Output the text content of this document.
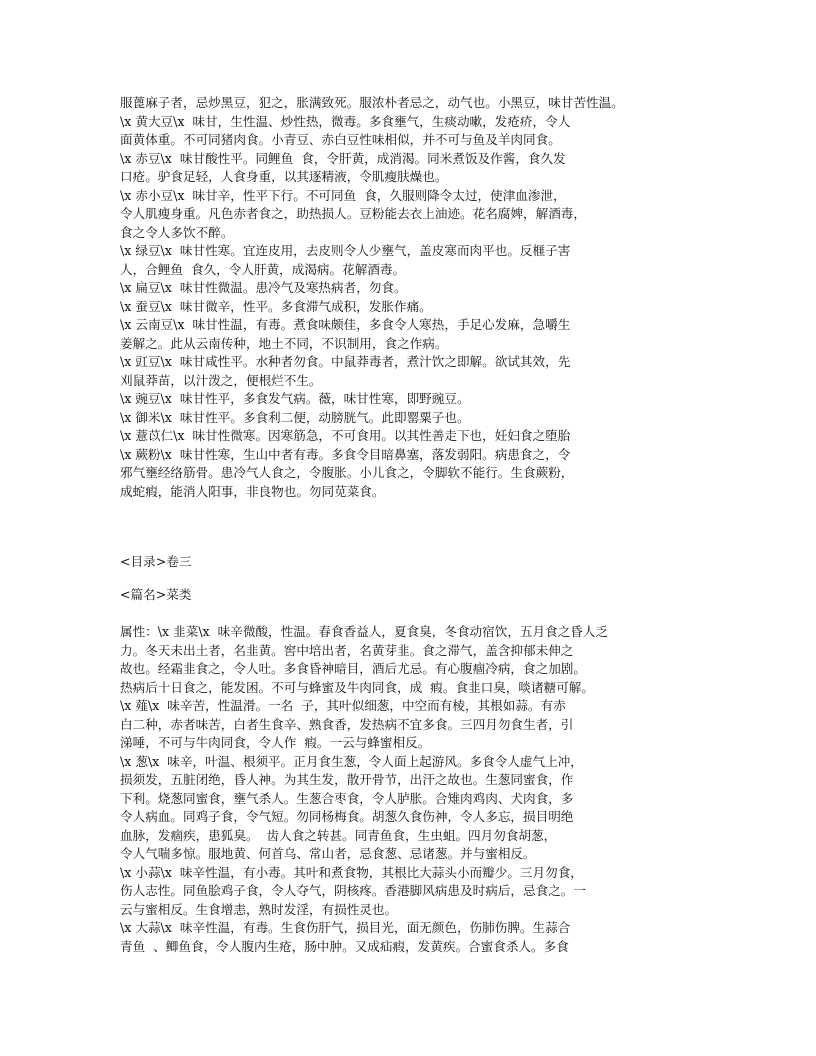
服蓖麻子者，忌炒黑豆，犯之，胀满致死。服浓朴者忌之，动气也。小黑豆，味甘苦性温。
\x 黄大豆\x  味甘，生性温、炒性热，微毒。多食壅气，生痰动嗽，发疮疥，令人
面黄体重。不可同猪肉食。小青豆、赤白豆性味相似，并不可与鱼及羊肉同食。
\x 赤豆\x  味甘酸性平。同鲤鱼  食，令肝黄，成消渴。同米煮饭及作酱，食久发
口疮。驴食足轻，人食身重，以其逐精液，令肌瘦肤燥也。
\x 赤小豆\x  味甘辛，性平下行。不可同鱼  食，久服则降令太过，使津血渗泄，
令人肌瘦身重。凡色赤者食之，助热损人。豆粉能去衣上油迹。花名腐婢，解酒毒，
食之令人多饮不醉。
\x 绿豆\x  味甘性寒。宜连皮用，去皮则令人少壅气，盖皮寒而肉平也。反榧子害
人，合鲤鱼  食久，令人肝黄，成渴病。花解酒毒。
\x 扁豆\x  味甘性微温。患冷气及寒热病者，勿食。
\x 蚕豆\x  味甘微辛，性平。多食滞气成积，发胀作痛。
\x 云南豆\x  味甘性温，有毒。煮食味颇佳，多食令人寒热，手足心发麻，急嚼生
姜解之。此从云南传种，地土不同，不识制用，食之作病。
\x 豇豆\x  味甘咸性平。水种者勿食。中鼠莽毒者，煮汁饮之即解。欲试其效，先
刈鼠莽苗，以汁泼之，便根烂不生。
\x 豌豆\x  味甘性平，多食发气病。薇，味甘性寒，即野豌豆。
\x 御米\x  味甘性平。多食利二便，动膀胱气。此即罂粟子也。
\x 薏苡仁\x  味甘性微寒。因寒筋急，不可食用。以其性善走下也，妊妇食之堕胎
\x 蕨粉\x  味甘性寒，生山中者有毒。多食令目暗鼻塞，落发弱阳。病患食之，令
邪气壅经络筋骨。患冷气人食之，令腹胀。小儿食之，令脚软不能行。生食蕨粉，
成蛇瘕，能消人阳事，非良物也。勿同苋菜食。
<目录>卷三
<篇名>菜类
属性：\x 韭菜\x  味辛微酸，性温。春食香益人，夏食臭，冬食动宿饮，五月食之昏人乏
力。冬天未出土者，名韭黄。窖中培出者，名黄芽韭。食之滞气，盖含抑郁未伸之
故也。经霜韭食之，令人吐。多食昏神暗目，酒后尤忌。有心腹痼冷病，食之加剧。
热病后十日食之，能发困。不可与蜂蜜及牛肉同食，成  瘕。食韭口臭，啖诸糖可解。
\x 薤\x  味辛苦，性温滑。一名  子，其叶似细葱，中空而有棱，其根如蒜。有赤
白二种，赤者味苦，白者生食辛、熟食香，发热病不宜多食。三四月勿食生者，引
涕唾，不可与牛肉同食，令人作  瘕。一云与蜂蜜相反。
\x 葱\x  味辛，叶温、根须平。正月食生葱，令人面上起游风。多食令人虚气上冲，
损须发，五脏闭绝，昏人神。为其生发，散开骨节，出汗之故也。生葱同蜜食，作
下利。烧葱同蜜食，壅气杀人。生葱合枣食，令人胪胀。合雉肉鸡肉、犬肉食，多
令人病血。同鸡子食，令气短。勿同杨梅食。胡葱久食伤神，令人多忘，损目明绝
血脉，发痼疾，患狐臭。  齿人食之转甚。同青鱼食，生虫蛆。四月勿食胡葱，
令人气喘多惊。服地黄、何首乌、常山者，忌食葱、忌诸葱。并与蜜相反。
\x 小蒜\x  味辛性温，有小毒。其叶和煮食物，其根比大蒜头小而瓣少。三月勿食，
伤人志性。同鱼脍鸡子食，令人夺气，阴核疼。香港脚风病患及时病后，忌食之。一
云与蜜相反。生食增恚，熟时发淫，有损性灵也。
\x 大蒜\x  味辛性温，有毒。生食伤肝气，损目光，面无颜色，伤肺伤脾。生蒜合
青鱼  、鲫鱼食，令人腹内生疮，肠中肿。又成疝瘕，发黄疾。合蜜食杀人。多食
